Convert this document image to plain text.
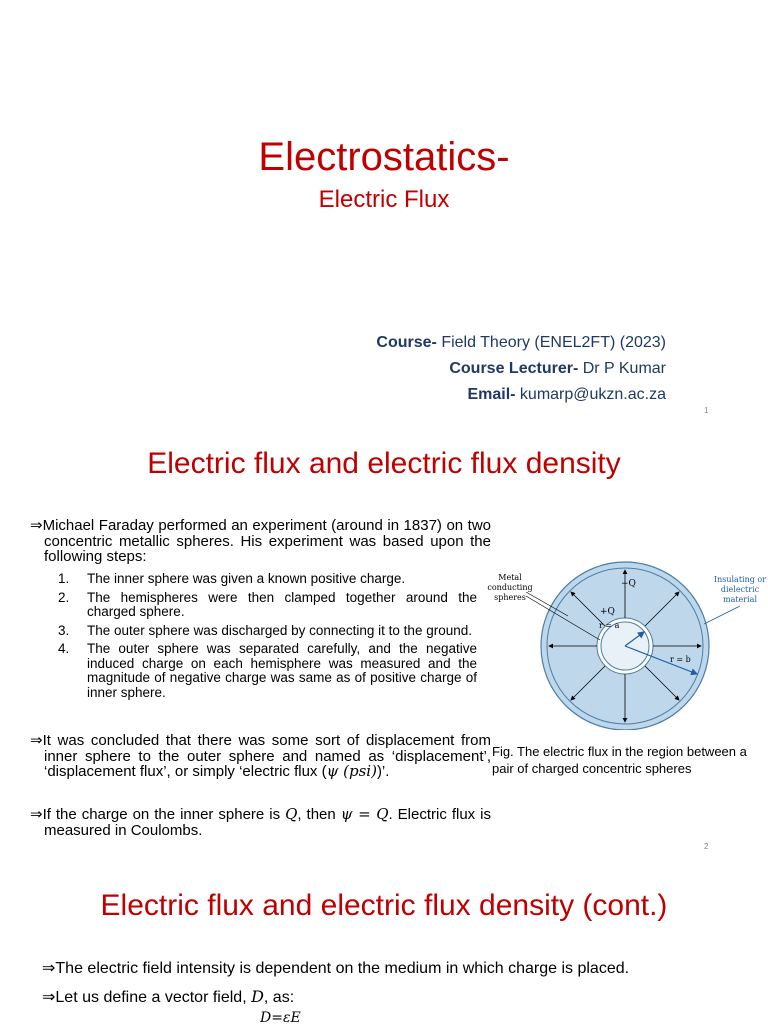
Electrostatics-
Electric Flux
Course- Field Theory (ENEL2FT) (2023)
Course Lecturer- Dr P Kumar
Email- kumarp@ukzn.ac.za
1
Electric flux and electric flux density
⇒Michael Faraday performed an experiment (around in 1837) on two concentric metallic spheres. His experiment was based upon the following steps:
1.	The inner sphere was given a known positive charge.
2.	The hemispheres were then clamped together around the charged sphere.
3.	The outer sphere was discharged by connecting it to the ground.
4.	The outer sphere was separated carefully, and the negative induced charge on each hemisphere was measured and the magnitude of negative charge was same as of positive charge of inner sphere.
⇒It was concluded that there was some sort of displacement from inner sphere to the outer sphere and named as ‘displacement’, ‘displacement flux’, or simply ‘electric flux (ψ (psi))’.
⇒If the charge on the inner sphere is Q, then ψ = Q. Electric flux is measured in Coulombs.
−Q
+Q
r = a
r = b
Metal
conducting
spheres
Insulating or
dielectric
material
Fig. The electric flux in the region between a pair of charged concentric spheres
2
Electric flux and electric flux density (cont.)
⇒The electric field intensity is dependent on the medium in which charge is placed.
⇒Let us define a vector field, D, as:
D=εE
